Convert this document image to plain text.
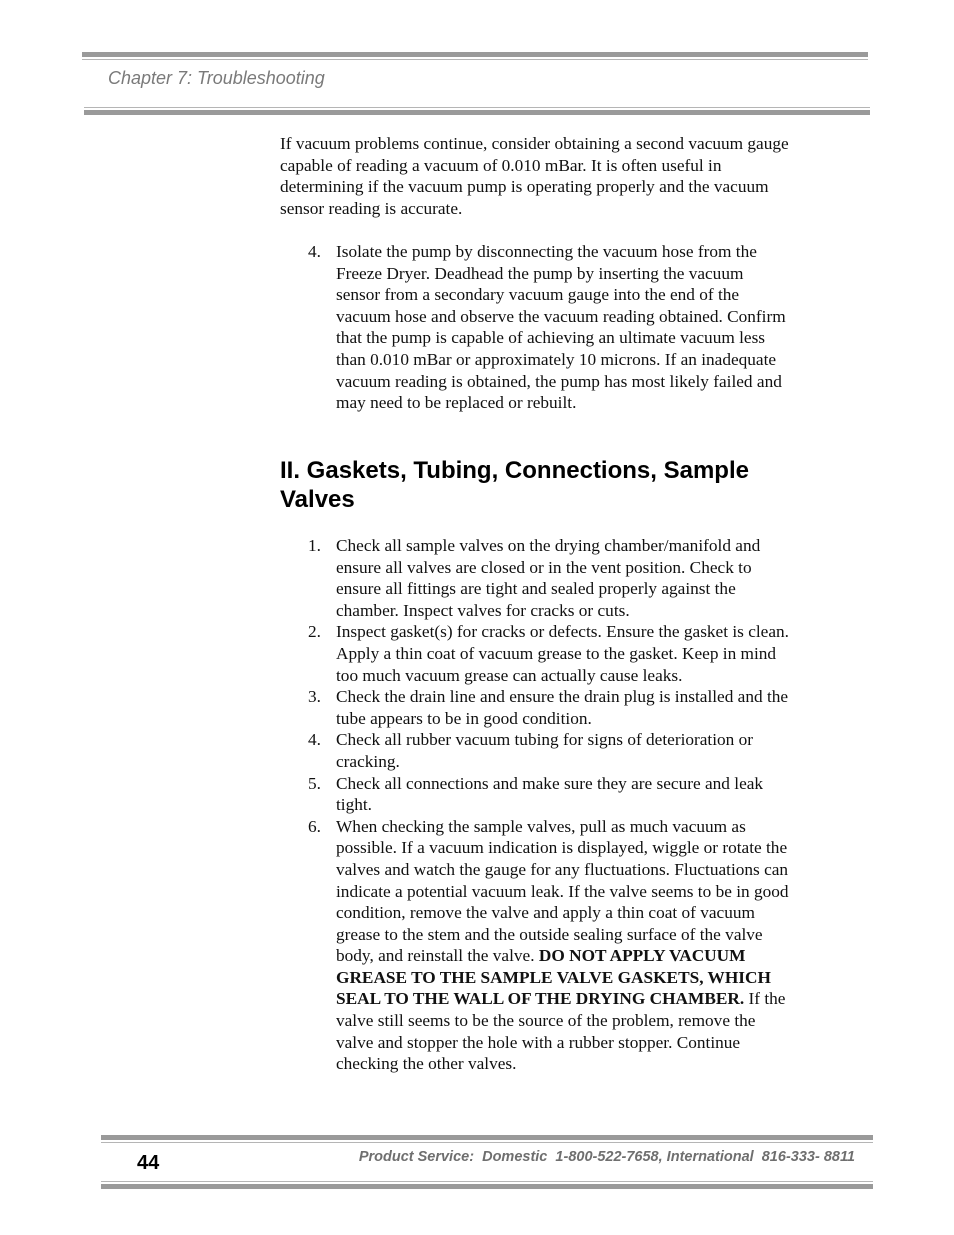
Chapter 7: Troubleshooting

If vacuum problems continue, consider obtaining a second vacuum gauge capable of reading a vacuum of 0.010 mBar. It is often useful in determining if the vacuum pump is operating properly and the vacuum sensor reading is accurate.

4. Isolate the pump by disconnecting the vacuum hose from the Freeze Dryer. Deadhead the pump by inserting the vacuum sensor from a secondary vacuum gauge into the end of the vacuum hose and observe the vacuum reading obtained. Confirm that the pump is capable of achieving an ultimate vacuum less than 0.010 mBar or approximately 10 microns. If an inadequate vacuum reading is obtained, the pump has most likely failed and may need to be replaced or rebuilt.
II. Gaskets, Tubing, Connections, Sample Valves
1. Check all sample valves on the drying chamber/manifold and ensure all valves are closed or in the vent position. Check to ensure all fittings are tight and sealed properly against the chamber. Inspect valves for cracks or cuts.
2. Inspect gasket(s) for cracks or defects. Ensure the gasket is clean. Apply a thin coat of vacuum grease to the gasket. Keep in mind too much vacuum grease can actually cause leaks.
3. Check the drain line and ensure the drain plug is installed and the tube appears to be in good condition.
4. Check all rubber vacuum tubing for signs of deterioration or cracking.
5. Check all connections and make sure they are secure and leak tight.
6. When checking the sample valves, pull as much vacuum as possible. If a vacuum indication is displayed, wiggle or rotate the valves and watch the gauge for any fluctuations. Fluctuations can indicate a potential vacuum leak. If the valve seems to be in good condition, remove the valve and apply a thin coat of vacuum grease to the stem and the outside sealing surface of the valve body, and reinstall the valve. DO NOT APPLY VACUUM GREASE TO THE SAMPLE VALVE GASKETS, WHICH SEAL TO THE WALL OF THE DRYING CHAMBER. If the valve still seems to be the source of the problem, remove the valve and stopper the hole with a rubber stopper. Continue checking the other valves.
44	Product Service:  Domestic  1-800-522-7658, International  816-333- 8811
